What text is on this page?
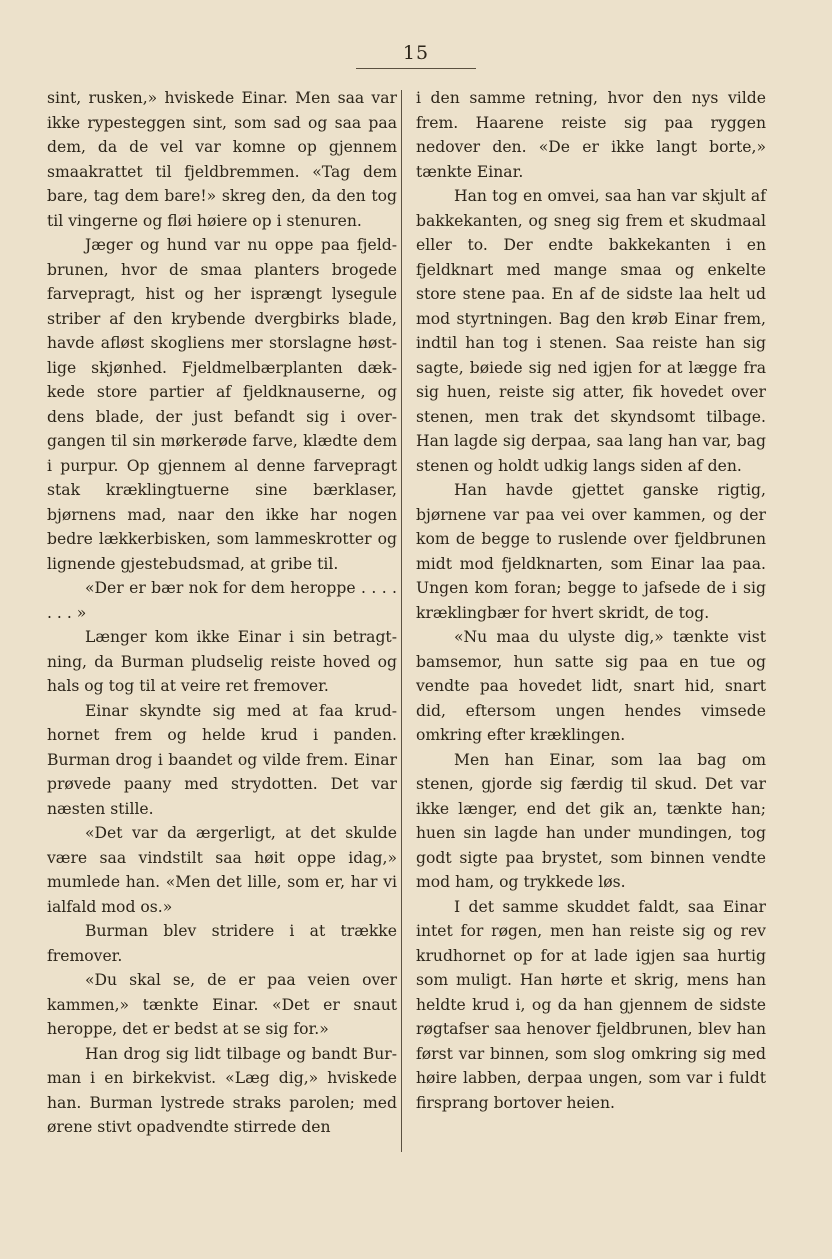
15

sint, rusken,» hviskede Einar. Men saa var ikke rypesteggen sint, som sad og saa paa dem, da de vel var komne op gjennem smaakrattet til fjeldbremmen. «Tag dem bare, tag dem bare!» skreg den, da den tog til vingerne og fløi høiere op i stenuren.

Jæger og hund var nu oppe paa fjeldbrunen, hvor de smaa planters brogede farvepragt, hist og her isprængt lysegule striber af den krybende dvergbirks blade, havde afløst skogliens mer storslagne høstlige skjønhed. Fjeldmelbærplanten dækkede store partier af fjeldknauserne, og dens blade, der just befandt sig i overgangen til sin mørkerøde farve, klædte dem i purpur. Op gjennem al denne farvepragt stak kræklingtuerne sine bærklaser, bjørnens mad, naar den ikke har nogen bedre lækkerbisken, som lammeskrotter og lignende gjestebudsmad, at gribe til.

«Der er bær nok for dem heroppe . . . . . . . »

Længer kom ikke Einar i sin betragtning, da Burman pludselig reiste hoved og hals og tog til at veire ret fremover.

Einar skyndte sig med at faa krudhornet frem og helde krud i panden. Burman drog i baandet og vilde frem. Einar prøvede paany med strydotten. Det var næsten stille.

«Det var da ærgerligt, at det skulde være saa vindstilt saa høit oppe idag,» mumlede han. «Men det lille, som er, har vi ialfald mod os.»

Burman blev stridere i at trække fremover.

«Du skal se, de er paa veien over kammen,» tænkte Einar. «Det er snaut heroppe, det er bedst at se sig for.»

Han drog sig lidt tilbage og bandt Burman i en birkekvist. «Læg dig,» hviskede han. Burman lystrede straks parolen; med ørene stivt opadvendte stirrede den

i den samme retning, hvor den nys vilde frem. Haarene reiste sig paa ryggen nedover den. «De er ikke langt borte,» tænkte Einar.

Han tog en omvei, saa han var skjult af bakkekanten, og sneg sig frem et skudmaal eller to. Der endte bakkekanten i en fjeldknart med mange smaa og enkelte store stene paa. En af de sidste laa helt ud mod styrtningen. Bag den krøb Einar frem, indtil han tog i stenen. Saa reiste han sig sagte, bøiede sig ned igjen for at lægge fra sig huen, reiste sig atter, fik hovedet over stenen, men trak det skyndsomt tilbage. Han lagde sig derpaa, saa lang han var, bag stenen og holdt udkig langs siden af den.

Han havde gjettet ganske rigtig, bjørnene var paa vei over kammen, og der kom de begge to ruslende over fjeldbrunen midt mod fjeldknarten, som Einar laa paa. Ungen kom foran; begge to jafsede de i sig kræklingbær for hvert skridt, de tog.

«Nu maa du ulyste dig,» tænkte vist bamsemor, hun satte sig paa en tue og vendte paa hovedet lidt, snart hid, snart did, eftersom ungen hendes vimsede omkring efter kræklingen.

Men han Einar, som laa bag om stenen, gjorde sig færdig til skud. Det var ikke længer, end det gik an, tænkte han; huen sin lagde han under mundingen, tog godt sigte paa brystet, som binnen vendte mod ham, og trykkede løs.

I det samme skuddet faldt, saa Einar intet for røgen, men han reiste sig og rev krudhornet op for at lade igjen saa hurtig som muligt. Han hørte et skrig, mens han heldte krud i, og da han gjennem de sidste røgtafser saa henover fjeldbrunen, blev han først var binnen, som slog omkring sig med høire labben, derpaa ungen, som var i fuldt firsprang bortover heien.
